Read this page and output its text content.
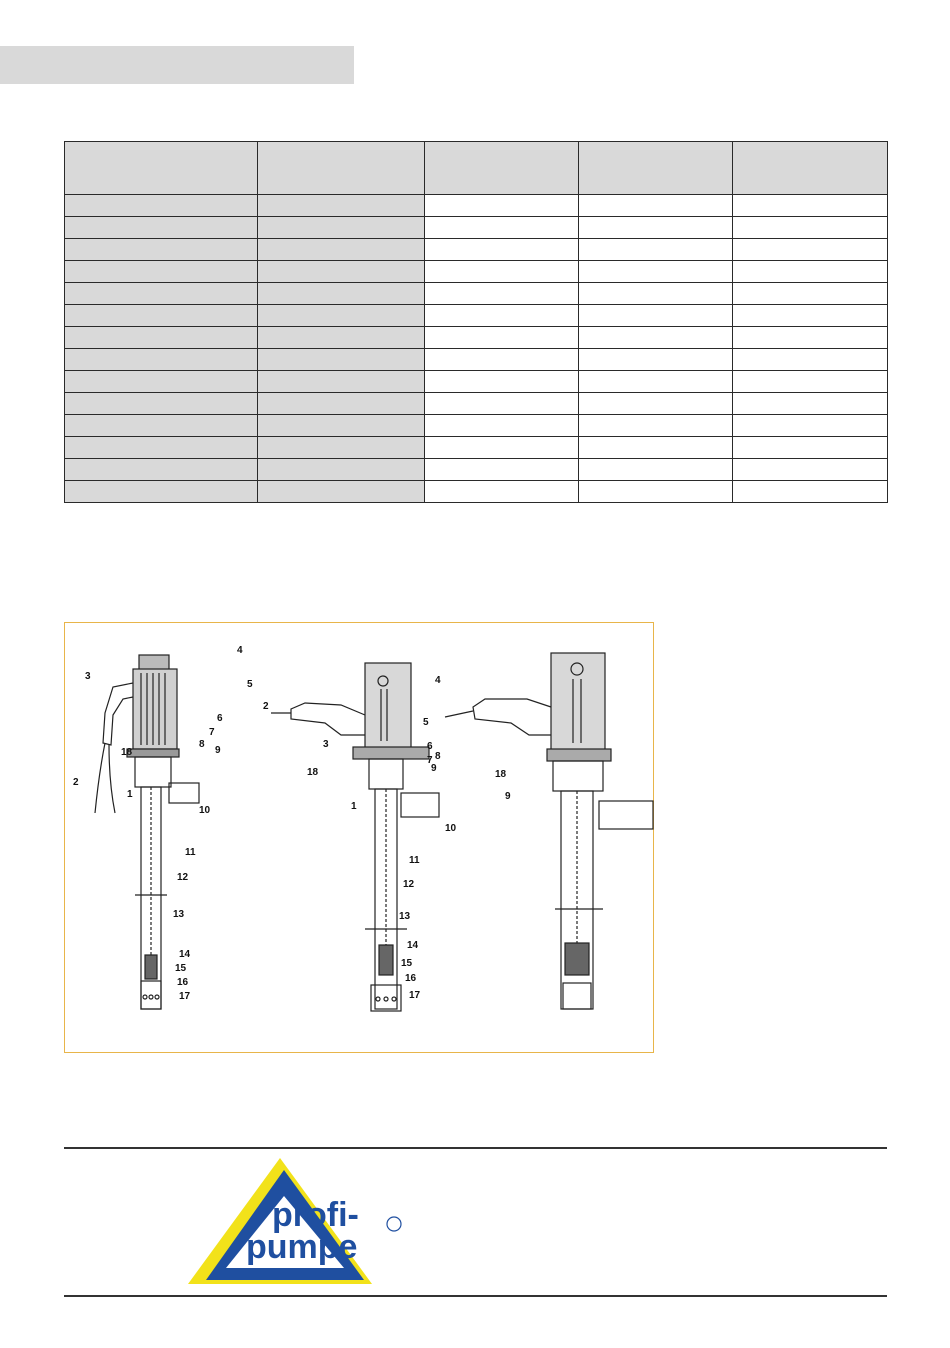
3
4
5
6
7
8
9
18
2
1
10
11
12
13
14
15
16
17
2
4
5
3	6
7 8
18	9
1
10
11
12
13
14
15
16
17
18
9
profi-
pumpe
